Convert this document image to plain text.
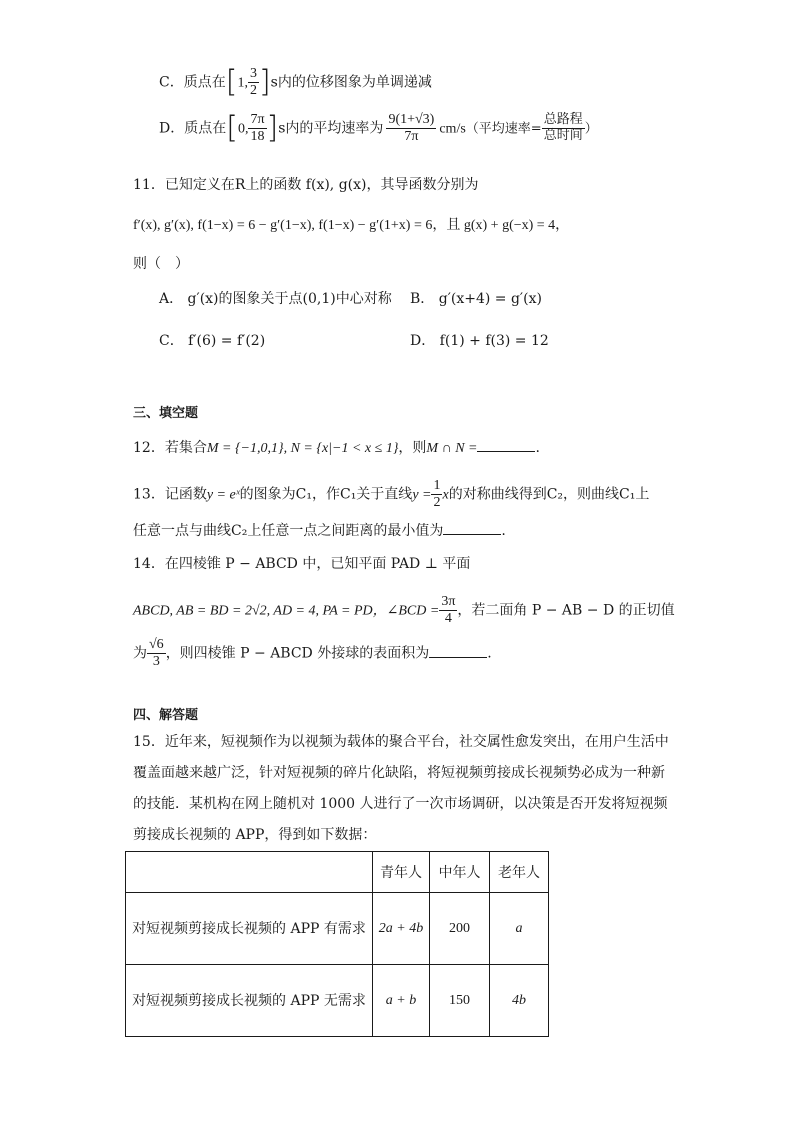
C．质点在[1, $\frac{3}{2} ]s$内的位移图象为单调递减
D．质点在[0, $\frac{7\pi}{18} ]s$内的平均速率为 $\frac{9(1+√3)}{7\pi} cm/s$（平均速率= $\frac{\text{总路程}}{\text{总时间}}$ ）
11．已知定义在R上的函数 f(x), g(x)，其导函数分别为
f′(x), g′(x), f(1−x) = 6 − g′(1−x), f(1−x) − g′(1+x) = 6，且 g(x) + g(−x) = 4，
则（　）
A． g′(x)的图象关于点(0,1)中心对称 B． g′(x+4) = g′(x)
C． f′(6) = f′(2)	D． f(1) + f(3) = 12
三、填空题
12．若集合M = {−1,0,1}, N = {x|−1 < x ≤ 1}，则M ∩ N =	.
13．记函数y = eˣ的图象为C₁，作C₁关于直线$y = \frac{1}{2}$ x的对称曲线得到C₂，则曲线C₁上
任意一点与曲线C₂上任意一点之间距离的最小值为	.
14．在四棱锥 P − ABCD 中，已知平面 PAD ⊥ 平面
ABCD, AB = BD = 2√2, AD = 4, PA = PD，∠BCD = $\frac{3\pi}{4}$ ，若二面角 P − AB − D 的正切值
为 $\frac{√6}{3}$ ，则四棱锥 P − ABCD 外接球的表面积为	.
四、解答题
15．近年来，短视频作为以视频为载体的聚合平台，社交属性愈发突出，在用户生活中
覆盖面越来越广泛，针对短视频的碎片化缺陷，将短视频剪接成长视频势必成为一种新
的技能．某机构在网上随机对 1000 人进行了一次市场调研，以决策是否开发将短视频
剪接成长视频的 APP，得到如下数据：
	青年人	中年人	老年人
对短视频剪接成长视频的 APP 有需求	2a + 4b	200	a
对短视频剪接成长视频的 APP 无需求	a + b	150	4b
